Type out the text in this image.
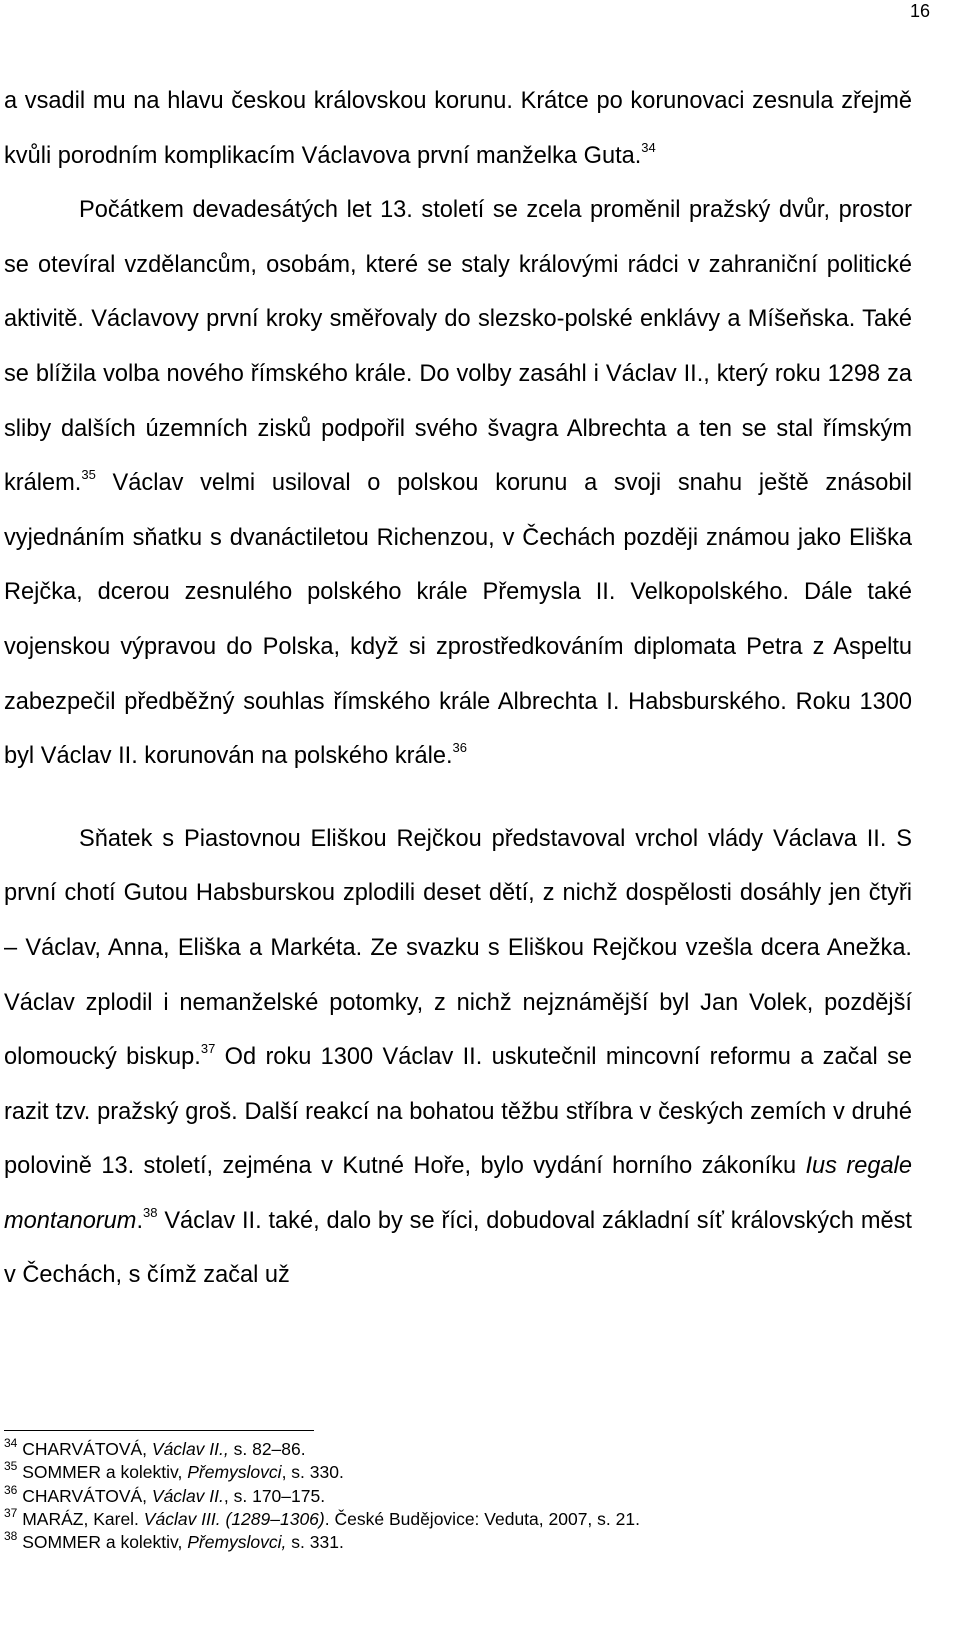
16

a vsadil mu na hlavu českou královskou korunu. Krátce po korunovaci zesnula zřejmě kvůli porodním komplikacím Václavova první manželka Guta.$^{34}$

Počátkem devadesátých let 13. století se zcela proměnil pražský dvůr, prostor se otevíral vzdělancům, osobám, které se staly královými rádci v zahraniční politické aktivitě. Václavovy první kroky směřovaly do slezsko-polské enklávy a Míšeňska. Také se blížila volba nového římského krále. Do volby zasáhl i Václav II., který roku 1298 za sliby dalších územních zisků podpořil svého švagra Albrechta a ten se stal římským králem.$^{35}$ Václav velmi usiloval o polskou korunu a svoji snahu ještě znásobil vyjednáním sňatku s dvanáctiletou Richenzou, v Čechách později známou jako Eliška Rejčka, dcerou zesnulého polského krále Přemysla II. Velkopolského. Dále také vojenskou výpravou do Polska, když si zprostředkováním diplomata Petra z Aspeltu zabezpečil předběžný souhlas římského krále Albrechta I. Habsburského. Roku 1300 byl Václav II. korunován na polského krále.$^{36}$

Sňatek s Piastovnou Eliškou Rejčkou představoval vrchol vlády Václava II. S první chotí Gutou Habsburskou zplodili deset dětí, z nichž dospělosti dosáhly jen čtyři – Václav, Anna, Eliška a Markéta. Ze svazku s Eliškou Rejčkou vzešla dcera Anežka. Václav zplodil i nemanželské potomky, z nichž nejznámější byl Jan Volek, pozdější olomoucký biskup.$^{37}$ Od roku 1300 Václav II. uskutečnil mincovní reformu a začal se razit tzv. pražský groš. Další reakcí na bohatou těžbu stříbra v českých zemích v druhé polovině 13. století, zejména v Kutné Hoře, bylo vydání horního zákoníku Ius regale montanorum.$^{38}$ Václav II. také, dalo by se říci, dobudoval základní síť královských měst v Čechách, s čímž začal už

$^{34}$ CHARVÁTOVÁ, Václav II., s. 82–86.
$^{35}$ SOMMER a kolektiv, Přemyslovci, s. 330.
$^{36}$ CHARVÁTOVÁ, Václav II., s. 170–175.
$^{37}$ MARÁZ, Karel. Václav III. (1289–1306). České Budějovice: Veduta, 2007, s. 21.
$^{38}$ SOMMER a kolektiv, Přemyslovci, s. 331.
